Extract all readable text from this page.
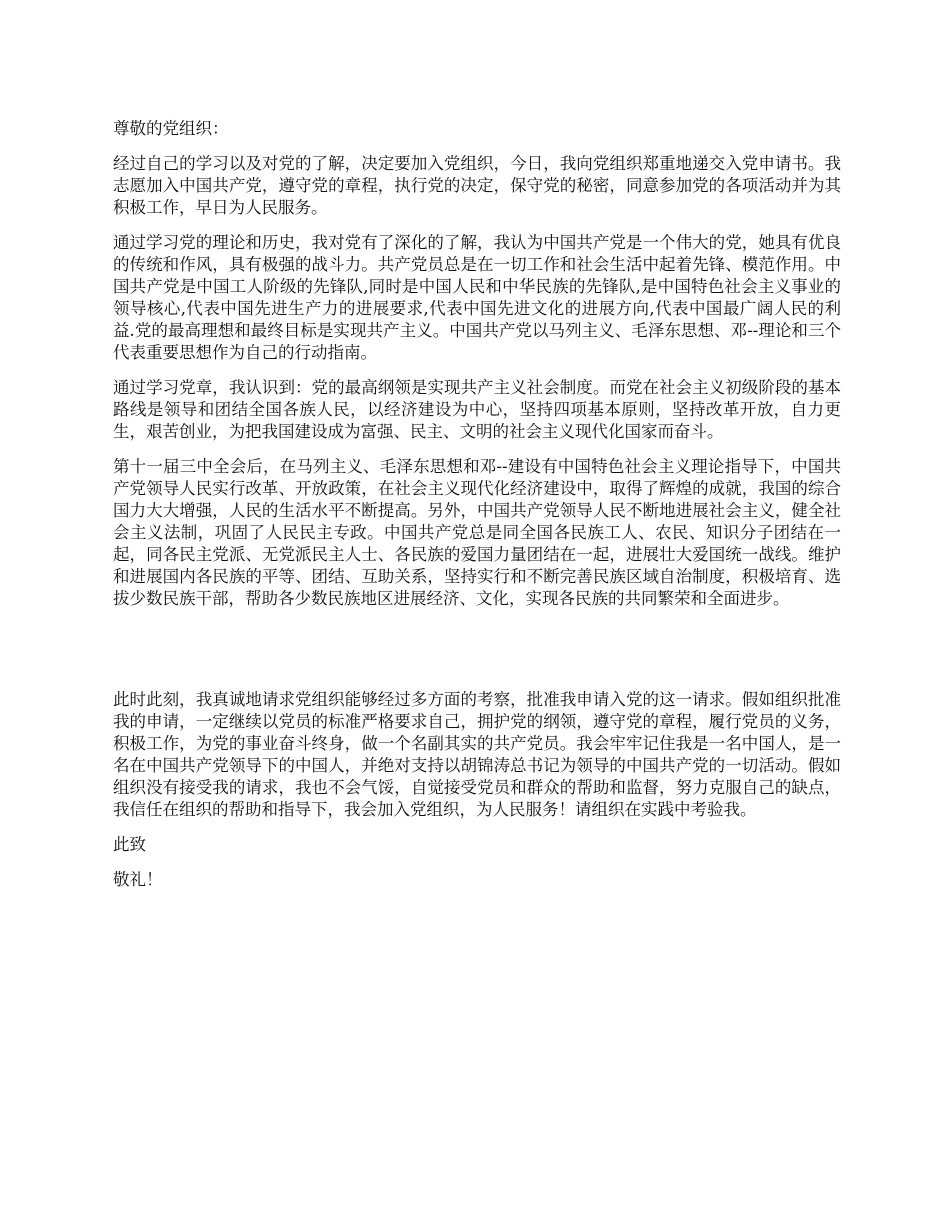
尊敬的党组织：

经过自己的学习以及对党的了解，决定要加入党组织，今日，我向党组织郑重地递交入党申请书。我志愿加入中国共产党，遵守党的章程，执行党的决定，保守党的秘密，同意参加党的各项活动并为其积极工作，早日为人民服务。

通过学习党的理论和历史，我对党有了深化的了解，我认为中国共产党是一个伟大的党，她具有优良的传统和作风，具有极强的战斗力。共产党员总是在一切工作和社会生活中起着先锋、模范作用。中国共产党是中国工人阶级的先锋队,同时是中国人民和中华民族的先锋队,是中国特色社会主义事业的领导核心,代表中国先进生产力的进展要求,代表中国先进文化的进展方向,代表中国最广阔人民的利益.党的最高理想和最终目标是实现共产主义。中国共产党以马列主义、毛泽东思想、邓--理论和三个代表重要思想作为自己的行动指南。

通过学习党章，我认识到：党的最高纲领是实现共产主义社会制度。而党在社会主义初级阶段的基本路线是领导和团结全国各族人民，以经济建设为中心，坚持四项基本原则，坚持改革开放，自力更生，艰苦创业，为把我国建设成为富强、民主、文明的社会主义现代化国家而奋斗。

第十一届三中全会后，在马列主义、毛泽东思想和邓--建设有中国特色社会主义理论指导下，中国共产党领导人民实行改革、开放政策，在社会主义现代化经济建设中，取得了辉煌的成就，我国的综合国力大大增强，人民的生活水平不断提高。另外，中国共产党领导人民不断地进展社会主义，健全社会主义法制，巩固了人民民主专政。中国共产党总是同全国各民族工人、农民、知识分子团结在一起，同各民主党派、无党派民主人士、各民族的爱国力量团结在一起，进展壮大爱国统一战线。维护和进展国内各民族的平等、团结、互助关系，坚持实行和不断完善民族区域自治制度，积极培育、选拔少数民族干部，帮助各少数民族地区进展经济、文化，实现各民族的共同繁荣和全面进步。

此时此刻，我真诚地请求党组织能够经过多方面的考察，批准我申请入党的这一请求。假如组织批准我的申请，一定继续以党员的标准严格要求自己，拥护党的纲领，遵守党的章程，履行党员的义务，积极工作，为党的事业奋斗终身，做一个名副其实的共产党员。我会牢牢记住我是一名中国人，是一名在中国共产党领导下的中国人，并绝对支持以胡锦涛总书记为领导的中国共产党的一切活动。假如组织没有接受我的请求，我也不会气馁，自觉接受党员和群众的帮助和监督，努力克服自己的缺点，我信任在组织的帮助和指导下，我会加入党组织，为人民服务！请组织在实践中考验我。

此致

敬礼！
